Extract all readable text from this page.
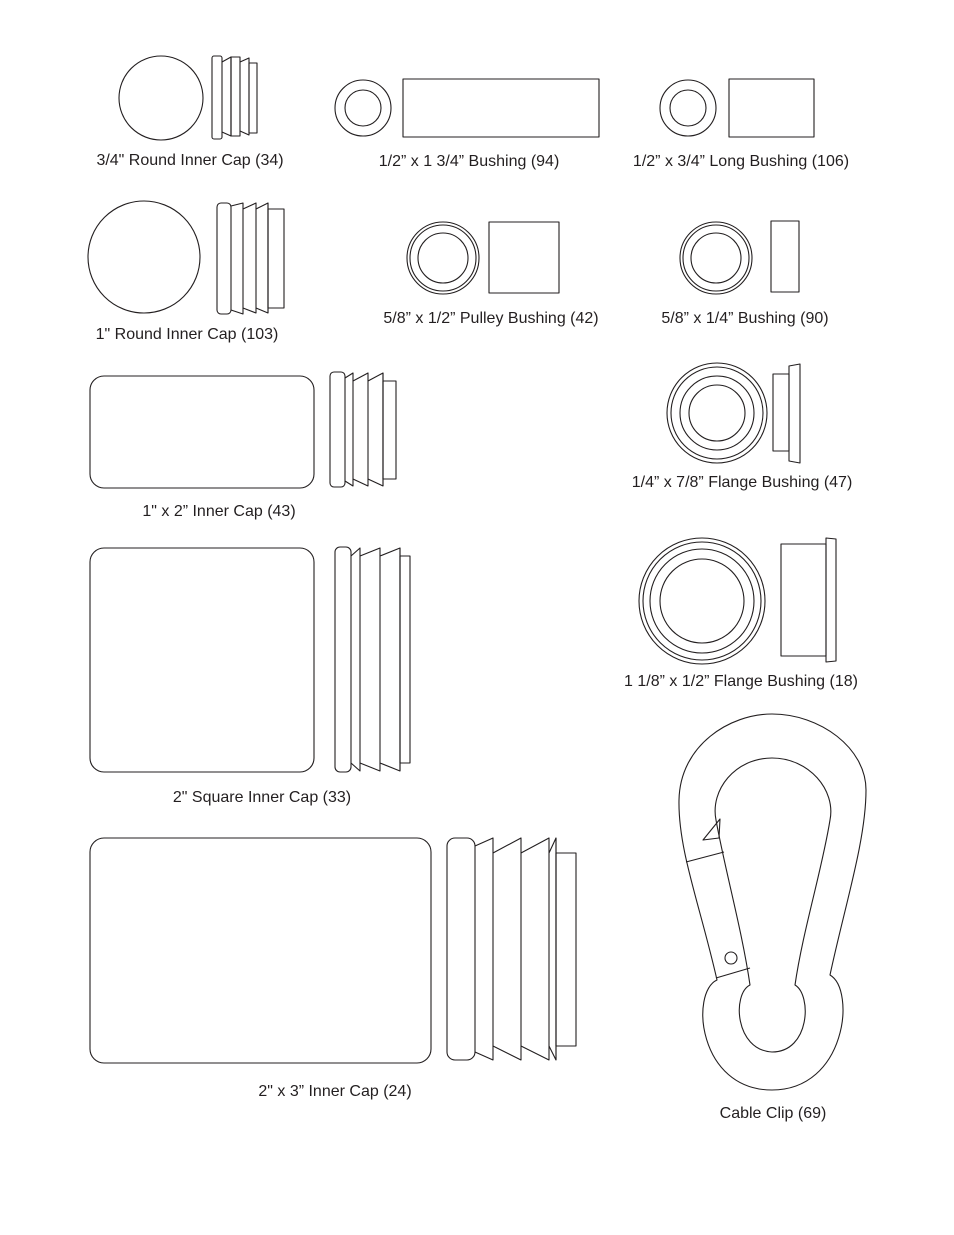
3/4" Round Inner Cap (34)	1/2” x 1 3/4” Bushing (94)	1/2” x 3/4” Long Bushing (106)
1" Round Inner Cap (103)
5/8” x 1/2” Pulley Bushing (42)	5/8” x 1/4” Bushing (90)
1" x 2” Inner Cap (43)
1/4” x 7/8” Flange Bushing (47)
2" Square Inner Cap (33)
1 1/8” x 1/2” Flange Bushing (18)
2" x 3” Inner Cap (24)
Cable Clip (69)
